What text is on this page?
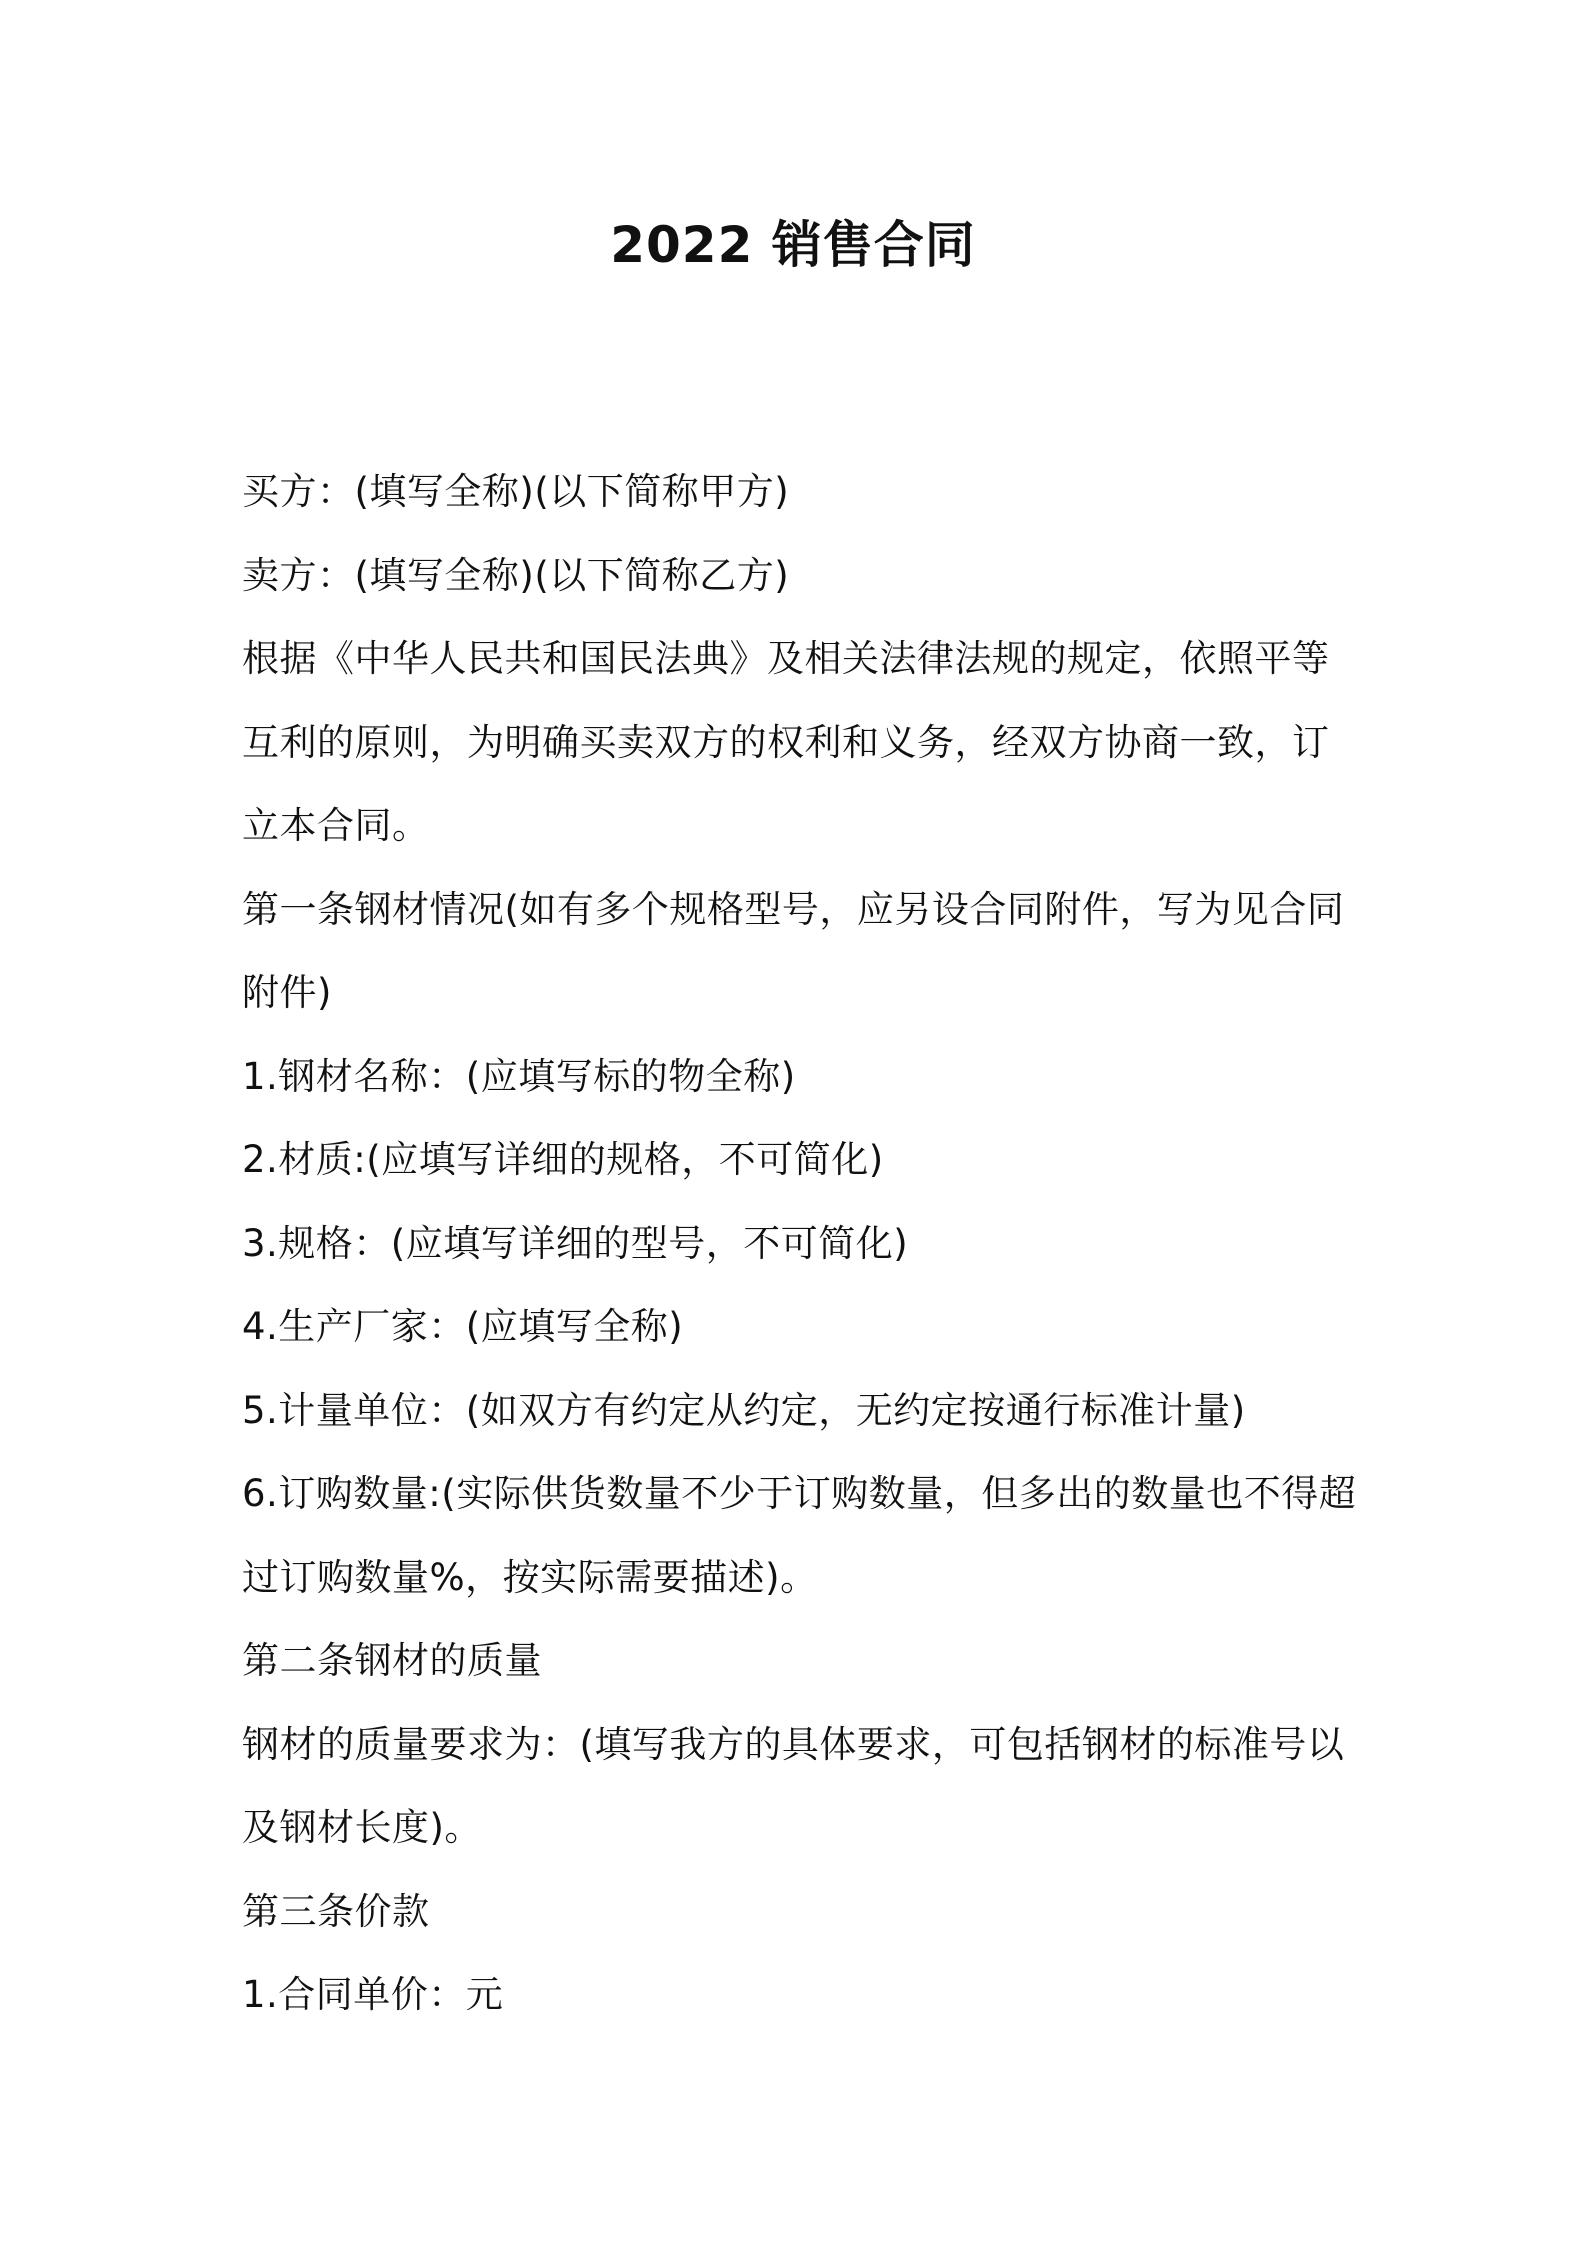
2022 销售合同

买方：(填写全称)(以下简称甲方)

卖方：(填写全称)(以下简称乙方)

根据《中华人民共和国民法典》及相关法律法规的规定，依照平等互利的原则，为明确买卖双方的权利和义务，经双方协商一致，订立本合同。

第一条钢材情况(如有多个规格型号，应另设合同附件，写为见合同附件)

1.钢材名称：(应填写标的物全称)

2.材质:(应填写详细的规格，不可简化)

3.规格：(应填写详细的型号，不可简化)

4.生产厂家：(应填写全称)

5.计量单位：(如双方有约定从约定，无约定按通行标准计量)

6.订购数量:(实际供货数量不少于订购数量，但多出的数量也不得超过订购数量%，按实际需要描述)。

第二条钢材的质量

钢材的质量要求为：(填写我方的具体要求，可包括钢材的标准号以及钢材长度)。

第三条价款

1.合同单价：元
